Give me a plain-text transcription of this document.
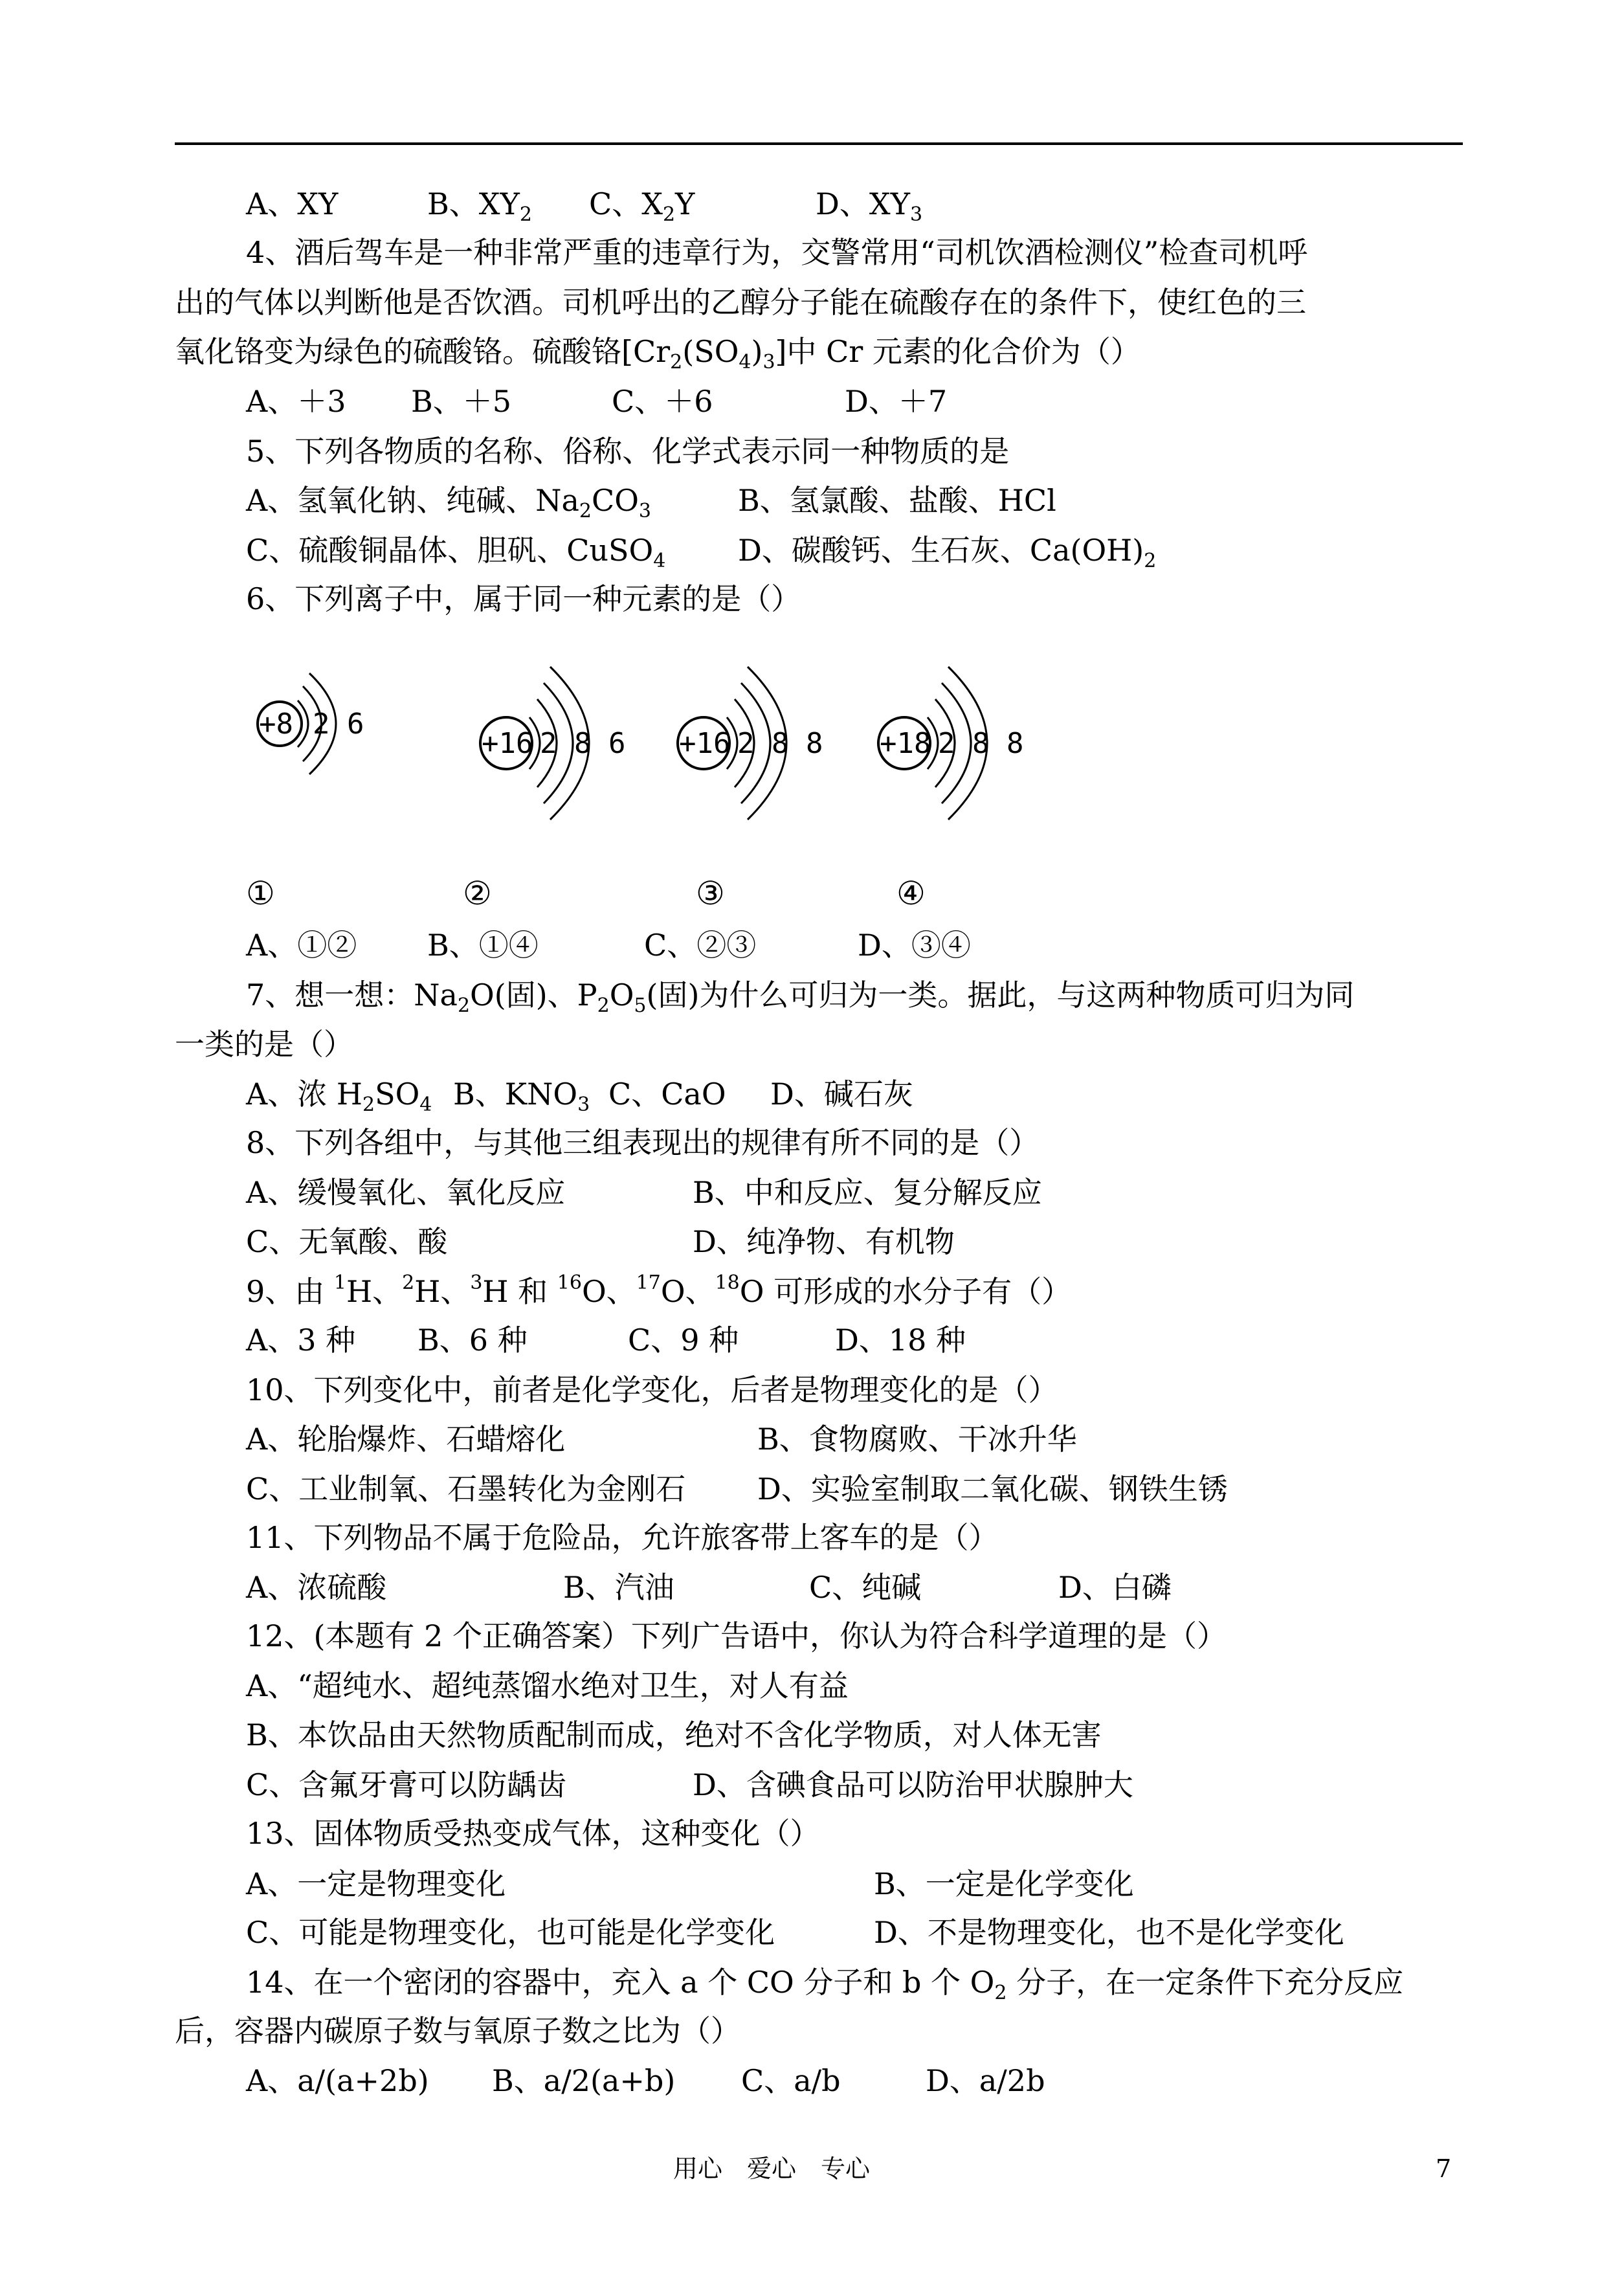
A、XY	B、$XY_2$ C、$X_2Y$	D、$XY_3$
4、酒后驾车是一种非常严重的违章行为，交警常用“司机饮酒检测仪”检查司机呼
出的气体以判断他是否饮酒。司机呼出的乙醇分子能在硫酸存在的条件下，使红色的三
氧化铬变为绿色的硫酸铬。硫酸铬$[Cr_2(SO_4)_3]$中 Cr 元素的化合价为（）
A、＋3 B、＋5	C、＋6	D、＋7
5、下列各物质的名称、俗称、化学式表示同一种物质的是
A、氢氧化钠、纯碱、$Na_2CO_3$	B、氢氯酸、盐酸、HCl
C、硫酸铜晶体、胆矾、CuSO$_4$ D、碳酸钙、生石灰、$Ca(OH)_2$
6、下列离子中，属于同一种元素的是（）
+8 2 6
+16 2 8 6 +16 2 8 8 +18 2 8 8
①	②	③	④
A、①② B、①④	C、②③	D、③④
7、想一想：$Na_2O$(固)、$P_2O_5$(固)为什么可归为一类。据此，与这两种物质可归为同
一类的是（）
A、浓 $H_2SO_4$ B、$KNO_3$ C、CaO D、碱石灰
8、下列各组中，与其他三组表现出的规律有所不同的是（）
A、缓慢氧化、氧化反应	B、中和反应、复分解反应
C、无氧酸、酸	D、纯净物、有机物
9、由 $^1$H、$^2$H、$^3$H 和 $^{16}$O、$^{17}$O、$^{18}$O 可形成的水分子有（）
A、3 种 B、6 种	C、9 种	D、18 种
10、下列变化中，前者是化学变化，后者是物理变化的是（）
A、轮胎爆炸、石蜡熔化	B、食物腐败、干冰升华
C、工业制氧、石墨转化为金刚石 D、实验室制取二氧化碳、钢铁生锈
11、下列物品不属于危险品，允许旅客带上客车的是（）
A、浓硫酸	B、汽油	C、纯碱	D、白磷
12、(本题有 2 个正确答案）下列广告语中，你认为符合科学道理的是（）
A、“超纯水、超纯蒸馏水绝对卫生，对人有益
B、本饮品由天然物质配制而成，绝对不含化学物质，对人体无害
C、含氟牙膏可以防龋齿	D、含碘食品可以防治甲状腺肿大
13、固体物质受热变成气体，这种变化（）
A、一定是物理变化	B、一定是化学变化
C、可能是物理变化，也可能是化学变化	D、不是物理变化，也不是化学变化
14、在一个密闭的容器中，充入 a 个 CO 分子和 b 个 $O_2$ 分子，在一定条件下充分反应
后，容器内碳原子数与氧原子数之比为（）
A、a/(a+2b) B、a/2(a+b) C、a/b	D、a/2b
用心　爱心　专心	7
